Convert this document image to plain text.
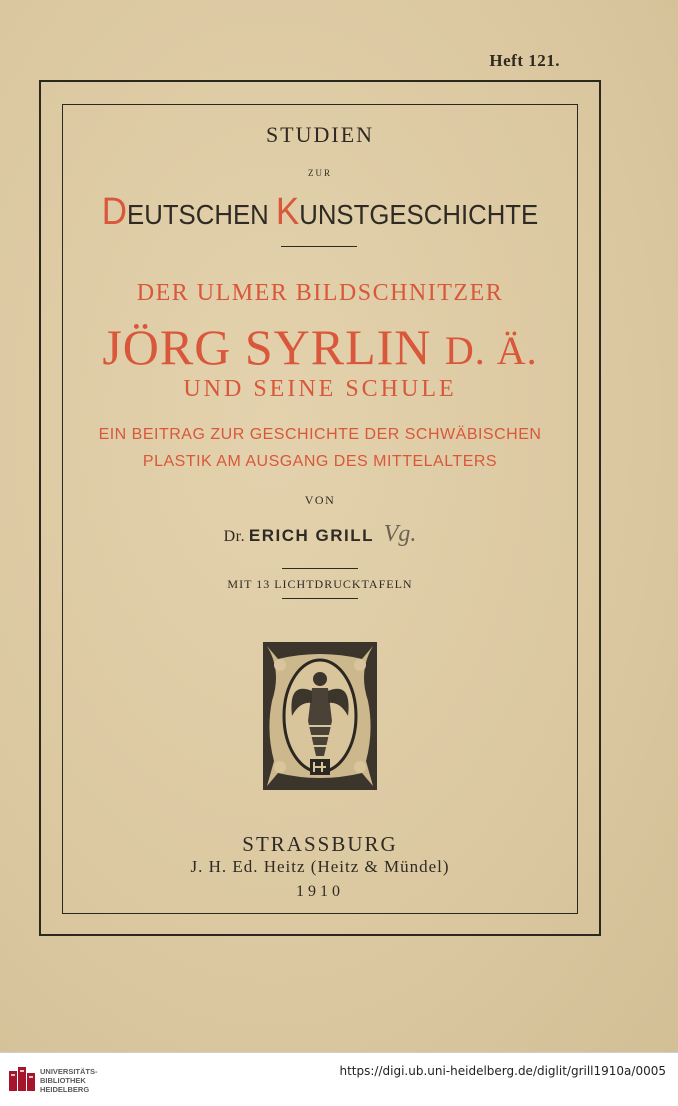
Heft 121.
STUDIEN
ZUR
DEUTSCHEN KUNSTGESCHICHTE
DER ULMER BILDSCHNITZER
JÖRG SYRLIN D. Ä.
UND SEINE SCHULE
EIN BEITRAG ZUR GESCHICHTE DER SCHWÄBISCHEN
PLASTIK AM AUSGANG DES MITTELALTERS
VON
Dr. ERICH GRILL Vg.
MIT 13 LICHTDRUCKTAFELN
STRASSBURG
J. H. Ed. Heitz (Heitz & Mündel)
1910
UNIVERSITÄTS-
BIBLIOTHEK
HEIDELBERG
https://digi.ub.uni-heidelberg.de/diglit/grill1910a/0005
